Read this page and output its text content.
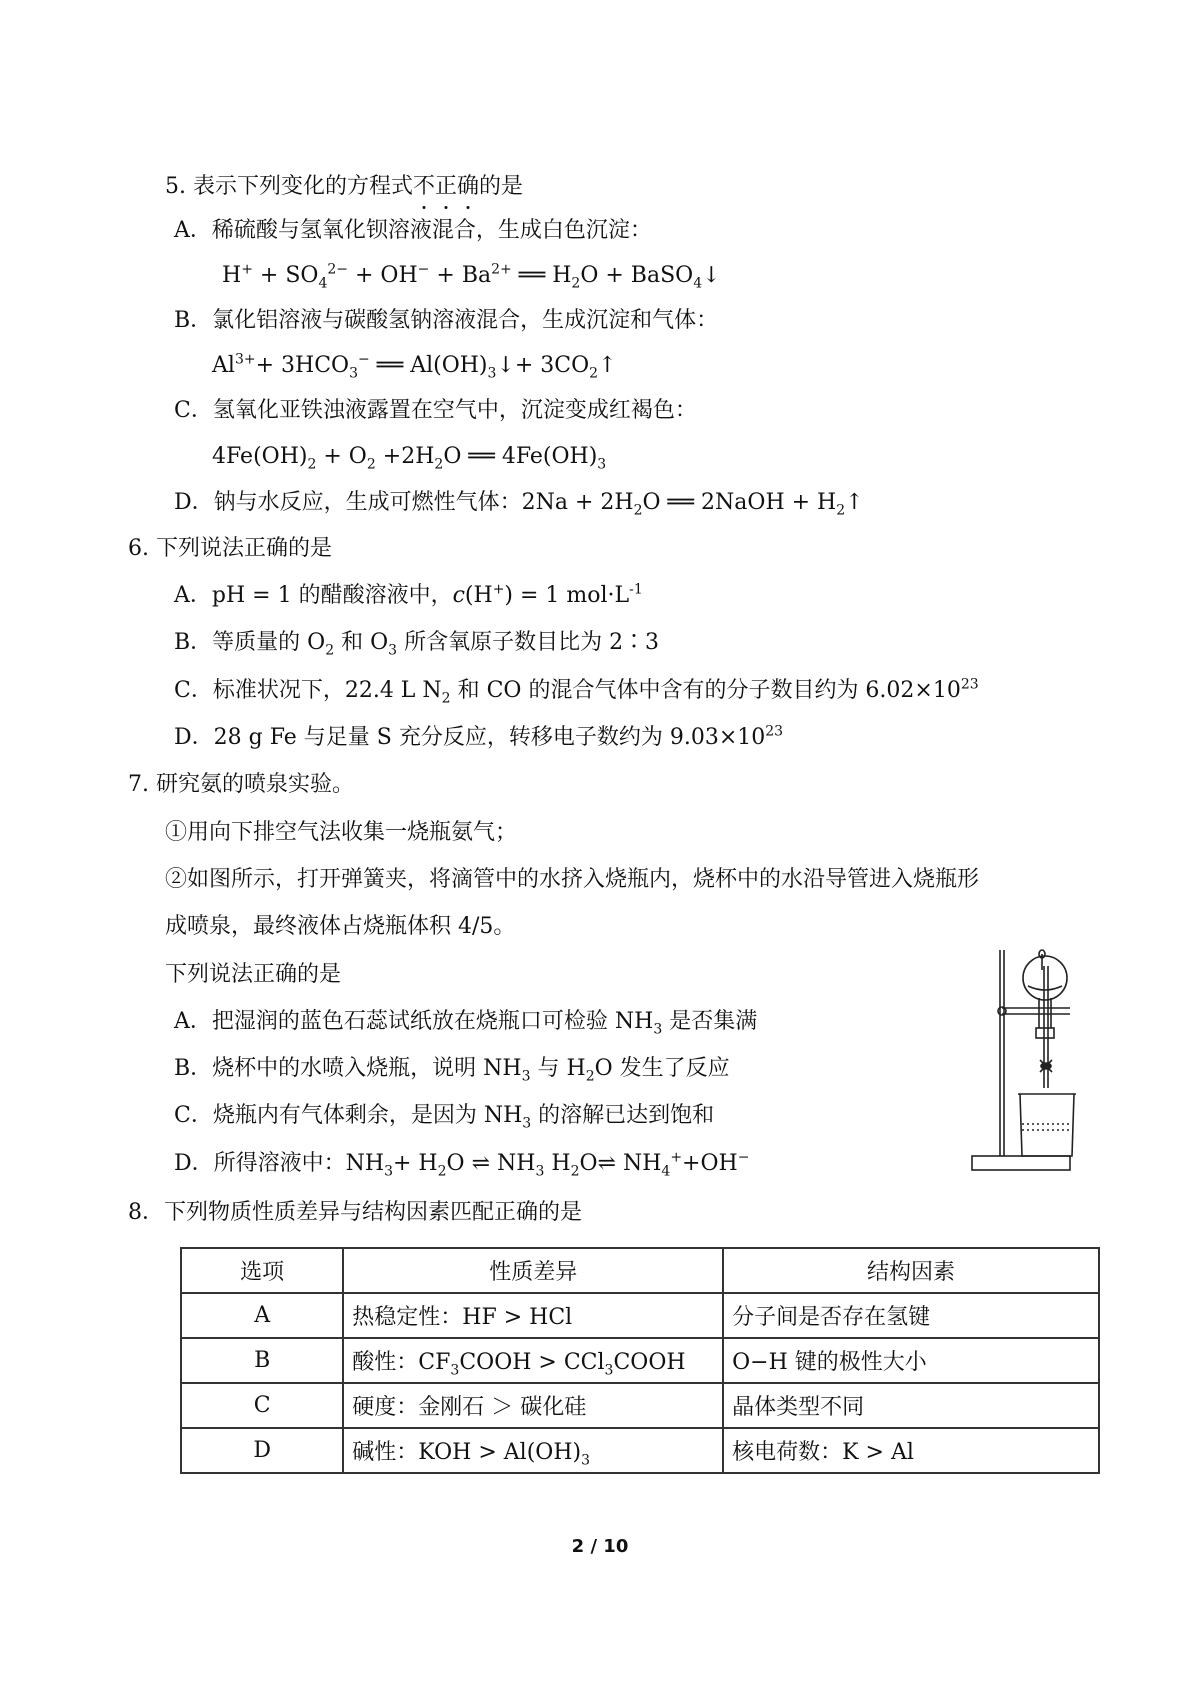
5. 表示下列变化的方程式不正确的是
A．稀硫酸与氢氧化钡溶液混合，生成白色沉淀：
$H^+ + SO_4^{2-} + OH^- + Ba^{2+}$ ══ $H_2O$ + BaSO$_4$↓
B．氯化铝溶液与碳酸氢钠溶液混合，生成沉淀和气体：
$Al^{3+}+ 3HCO_3^-$ ══ $Al(OH)_3↓+$ $3CO_2↑$
C．氢氧化亚铁浊液露置在空气中，沉淀变成红褐色：
$4Fe(OH)_2 + O_2 +2H_2O$ ══ $4Fe(OH)_3$
D．钠与水反应，生成可燃性气体：$2Na + 2H_2O$ ══ 2NaOH + $H_2↑$
6. 下列说法正确的是
A．pH = 1 的醋酸溶液中，c(H+) = 1 $mol\cdot L^{-1}$
B．等质量的 $O_2$ 和 $O_3$ 所含氧原子数目比为 2∶3
C．标准状况下，22.4 L $N_2$ 和 CO 的混合气体中含有的分子数目约为 $6.02\times 10^{23}$
D．28 g Fe 与足量 S 充分反应，转移电子数约为 $9.03\times 10^{23}$
7. 研究氨的喷泉实验。
①用向下排空气法收集一烧瓶氨气；
②如图所示，打开弹簧夹，将滴管中的水挤入烧瓶内，烧杯中的水沿导管进入烧瓶形
成喷泉，最终液体占烧瓶体积 4/5。
下列说法正确的是
A．把湿润的蓝色石蕊试纸放在烧瓶口可检验 $NH_3$ 是否集满
B．烧杯中的水喷入烧瓶，说明 $NH_3$ 与 $H_2O$ 发生了反应
C．烧瓶内有气体剩余，是因为 $NH_3$ 的溶解已达到饱和
D．所得溶液中：$NH_3+ H_2O$ ⇌ $NH_3$ $H_2O\rightleftharpoons$ $NH_4^++OH^-$
8．下列物质性质差异与结构因素匹配正确的是
选项	性质差异	结构因素
A	热稳定性：HF > HCl	分子间是否存在氢键
B	酸性：$CF_3COOH$ > CCl$_3$COOH	O−H 键的极性大小
C	硬度：金刚石 ＞ 碳化硅	晶体类型不同
D	碱性：KOH > $Al(OH)_3$	核电荷数：K > Al
2 / 10
